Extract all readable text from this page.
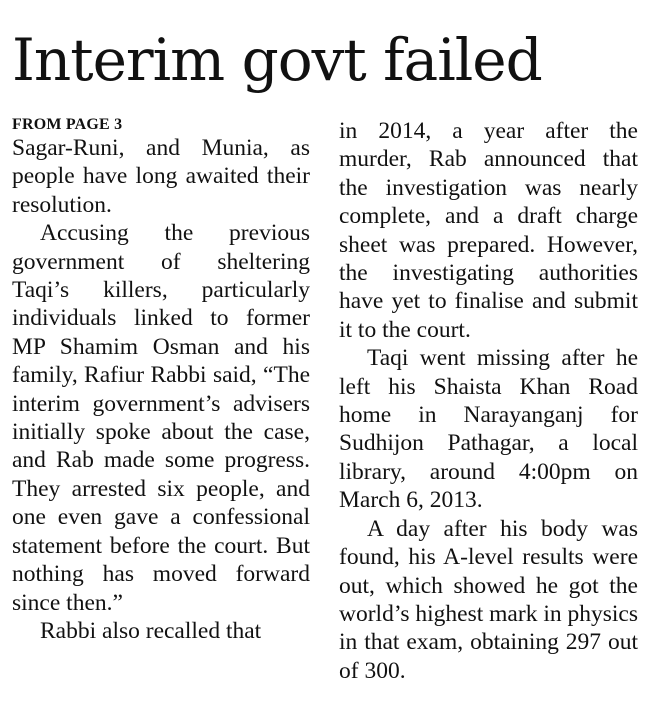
Interim govt failed
FROM PAGE 3

Sagar-Runi, and Munia, as people have long awaited their resolution.

Accusing the previous government of sheltering Taqi’s killers, particularly individuals linked to former MP Shamim Osman and his family, Rafiur Rabbi said, “The interim government’s advisers initially spoke about the case, and Rab made some progress. They arrested six people, and one even gave a confessional statement before the court. But nothing has moved forward since then.”

Rabbi also recalled that

in 2014, a year after the murder, Rab announced that the investigation was nearly complete, and a draft charge sheet was prepared. However, the investigating authorities have yet to finalise and submit it to the court.

Taqi went missing after he left his Shaista Khan Road home in Narayanganj for Sudhijon Pathagar, a local library, around 4:00pm on March 6, 2013.

A day after his body was found, his A-level results were out, which showed he got the world’s highest mark in physics in that exam, obtaining 297 out of 300.
